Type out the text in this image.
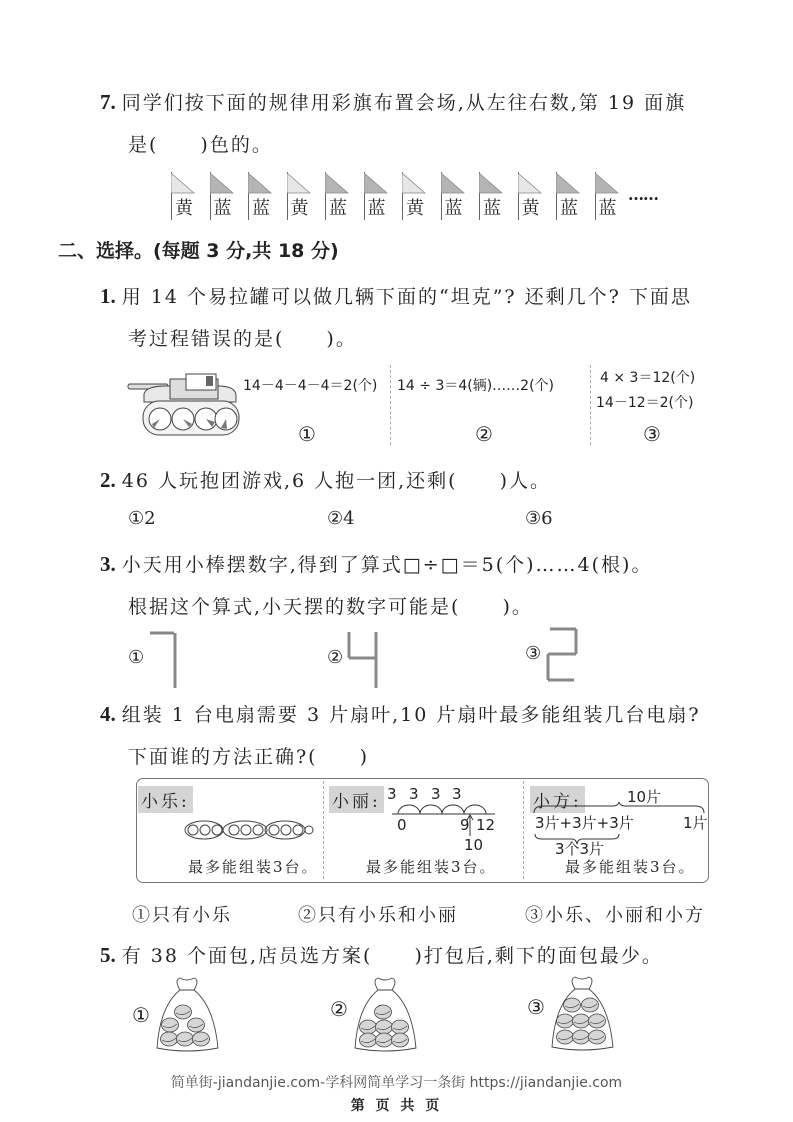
7. 同学们按下面的规律用彩旗布置会场,从左往右数,第 19 面旗
是(　　)色的。
黄 蓝 蓝 黄 蓝 蓝 黄 蓝 蓝 黄 蓝 蓝
……
二、选择。(每题 3 分,共 18 分)
1. 用 14 个易拉罐可以做几辆下面的“坦克”? 还剩几个? 下面思
考过程错误的是(　　)。
14－4－4－4＝2(个)
①
14 ÷ 3＝4(辆)……2(个)
②
4 × 3＝12(个)
14－12＝2(个)
③
2. 46 人玩抱团游戏,6 人抱一团,还剩(　　)人。
①2	②4	③6
3. 小天用小棒摆数字,得到了算式□÷□＝5(个)……4(根)。
根据这个算式,小天摆的数字可能是(　　)。
①	②	③
4. 组装 1 台电扇需要 3 片扇叶,10 片扇叶最多能组装几台电扇?
下面谁的方法正确?(　　)
小乐:
最多能组装3台。
小丽: 3 3 3 3
0	9 12
10
最多能组装3台。
小方:	10片
3片+3片+3片	1片
3个3片
最多能组装3台。
①只有小乐	②只有小乐和小丽	③小乐、小丽和小方
5. 有 38 个面包,店员选方案(　　)打包后,剩下的面包最少。
①	②	③
简单街-jiandanjie.com-学科网简单学习一条街 https://jiandanjie.com
第 页 共 页
